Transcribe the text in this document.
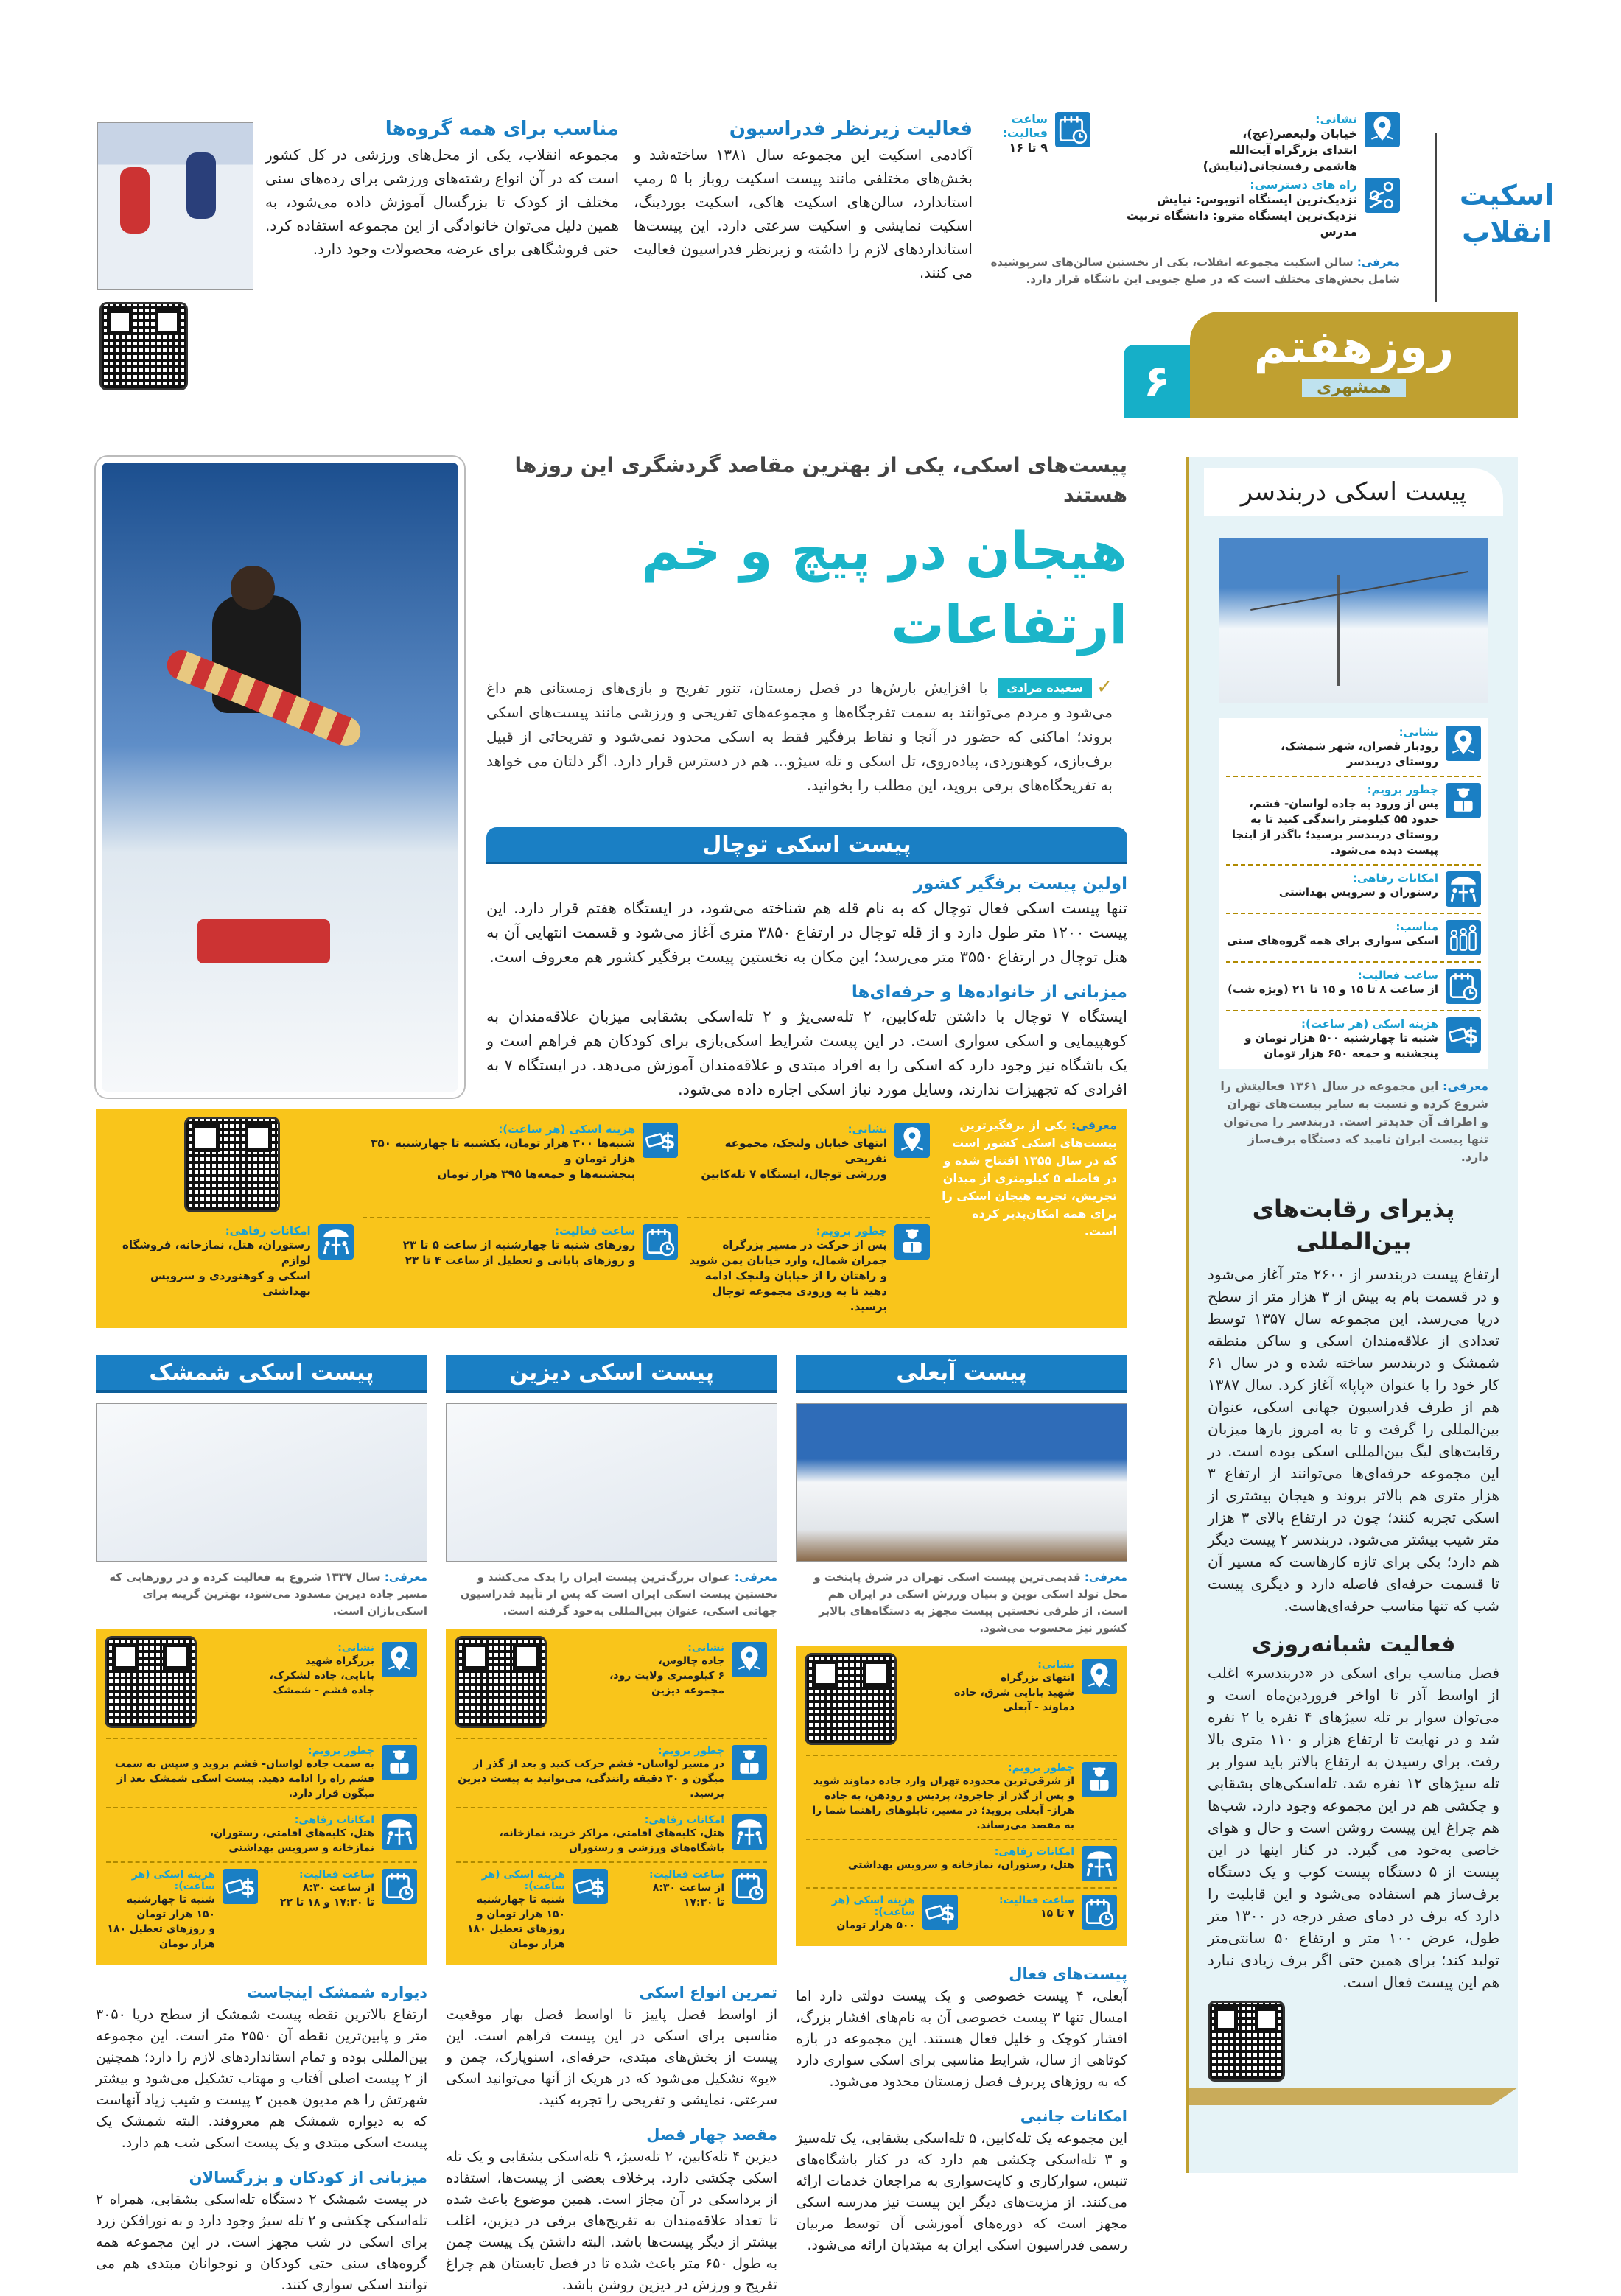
اسکیت انقلاب
نشانی:
خیابان ولیعصر(عج)،
ابتدای بزرگراه آیت‌الله
هاشمی رفسنجانی(نیایش)
راه های دسترسی:
نزدیک‌ترین ایستگاه اتوبوس: نیایش
نزدیک‌ترین ایستگاه مترو: دانشگاه تربیت مدرس
ساعت فعالیت:
۹ تا ۱۶
معرفی: سالن اسکیت مجموعه انقلاب، یکی از نخستین سالن‌های سرپوشیده شامل بخش‌های مختلف است که در ضلع جنوبی این باشگاه قرار دارد.
فعالیت زیرنظر فدراسیون
آکادمی اسکیت این مجموعه سال ۱۳۸۱ ساخته‌شد و بخش‌های مختلفی مانند پیست اسکیت روباز با ۵ رمپ استاندارد، سالن‌های اسکیت هاکی، اسکیت بوردینگ، اسکیت نمایشی و اسکیت سرعتی دارد. این پیست‌ها استانداردهای لازم را داشته و زیرنظر فدراسیون فعالیت می کنند.
مناسب برای همه گروه‌ها
مجموعه انقلاب، یکی از محل‌های ورزشی در کل کشور است که در آن انواع رشته‌های ورزشی برای رده‌های سنی مختلف از کودک تا بزرگسال آموزش داده می‌شود، به همین دلیل می‌توان خانوادگی از این مجموعه استفاده کرد. حتی فروشگاهی برای عرضه محصولات وجود دارد.
۶
روزهفتم
همشهری
پیست‌های اسکی، یکی از بهترین مقاصد گردشگری این روزها هستند
هیجان در پیچ و خم ارتفاعات
✓
سعیده مرادی
با افزایش بارش‌ها در فصل زمستان، تنور تفریح و بازی‌های زمستانی هم داغ می‌شود و مردم می‌توانند به سمت تفرجگاه‌ها و مجموعه‌های تفریحی و ورزشی مانند پیست‌های اسکی بروند؛ اماکنی که حضور در آنجا و نقاط برفگیر فقط به اسکی محدود نمی‌شود و تفریحاتی از قبیل برف‌بازی، کوهنوردی، پیاده‌روی، تل اسکی و تله سیژو... هم در دسترس قرار دارد. اگر دلتان می خواهد به تفریحگاه‌های برفی بروید، این مطلب را بخوانید.
پیست اسکی توچال
اولین پیست برفگیر کشور
تنها پیست اسکی فعال توچال که به نام قله هم شناخته می‌شود، در ایستگاه هفتم قرار دارد. این پیست ۱۲۰۰ متر طول دارد و از قله توچال در ارتفاع ۳۸۵۰ متری آغاز می‌شود و قسمت انتهایی آن به هتل توچال در ارتفاع ۳۵۵۰ متر می‌رسد؛ این مکان به نخستین پیست برفگیر کشور هم معروف است.
میزبانی از خانواده‌ها و حرفه‌ای‌ها
ایستگاه ۷ توچال با داشتن تله‌کابین، ۲ تله‌سی‌یژ و ۲ تله‌اسکی بشقابی میزبان علاقه‌مندان به کوهپیمایی و اسکی سواری است. در این پیست شرایط اسکی‌بازی برای کودکان هم فراهم است و یک باشگاه نیز وجود دارد که اسکی را به افراد مبتدی و علاقه‌مندان آموزش می‌دهد. در ایستگاه ۷ به افرادی که تجهیزات ندارند، وسایل مورد نیاز اسکی اجاره داده می‌شود.
معرفی: یکی از برفگیرترین پیست‌های اسکی کشور است که در سال ۱۳۵۵ افتتاح شده و در فاصله ۵ کیلومتری از میدان تجریش، تجربه هیجان اسکی را برای همه امکان‌پذیر کرده است.
نشانی:
انتهای خیابان ولنجک، مجموعه تفریحی
ورزشی توچال، ایستگاه ۷ تله‌کابین
$
هزینه اسکی (هر ساعت):
شنبه‌ها ۳۰۰ هزار تومان، یکشنبه تا چهارشنبه ۳۵۰ هزار تومان و
پنجشنبه‌ها و جمعه‌ها ۳۹۵ هزار تومان
چطور برویم:
پس از حرکت در مسیر بزرگراه چمران شمال، وارد خیابان یمن شوید و راهتان را از خیابان ولنجک ادامه دهید تا به ورودی مجموعه توچال برسید.
ساعت فعالیت:
روزهای شنبه تا چهارشنبه از ساعت ۵ تا ۲۳
و روزهای پایانی و تعطیل از ساعت ۴ تا ۲۳
امکانات رفاهی:
رستوران، هتل، نمازخانه، فروشگاه لوازم
اسکی و کوهنوردی و سرویس بهداشتی
پیست آبعلی
معرفی: قدیمی‌ترین پیست اسکی تهران در شرق پایتخت و محل تولد اسکی نوین و بنیان ورزش اسکی در ایران هم است. از طرفی نخستین پیست مجهز به دستگاه‌های بالابر کشور نیز محسوب می‌شود.
نشانی:
انتهای بزرگراه
شهید بابایی شرق، جاده
دماوند - آبعلی
چطور برویم:
از شرقی‌ترین محدوده تهران وارد جاده دماوند شوید و پس از گذر از جاجرود، پردیس و رودهن، به جاده هراز- آبعلی بروید؛ در مسیر، تابلوهای راهنما شما را به مقصد می‌رساند.
امکانات رفاهی:
هتل، رستوران، نمازخانه و سرویس بهداشتی
ساعت فعالیت:
۷ تا ۱۵
$
هزینه اسکی (هر ساعت):
۵۰۰ هزار تومان
پیست‌های فعال
آبعلی، ۴ پیست خصوصی و یک پیست دولتی دارد اما امسال تنها ۳ پیست خصوصی آن به نام‌های افشار بزرگ، افشار کوچک و خلیل فعال هستند. این مجموعه در بازه کوتاهی از سال، شرایط مناسبی برای اسکی سواری دارد که به روزهای پربرف فصل زمستان محدود می‌شود.
امکانات جانبی
این مجموعه یک تله‌کابین، ۵ تله‌اسکی بشقابی، یک تله‌سیژ و ۳ تله‌اسکی چکشی هم دارد که در کنار باشگاه‌های تنیس، سوارکاری و کایت‌سواری به مراجعان خدمات ارائه می‌کنند. از مزیت‌های دیگر این پیست نیز مدرسه اسکی مجهز است که دوره‌های آموزشی آن توسط مربیان رسمی فدراسیون اسکی ایران به مبتدیان ارائه می‌شود.
پیست اسکی دیزین
معرفی: عنوان بزرگ‌ترین پیست ایران را یدک می‌کشد و نخستین پیست اسکی ایران است که پس از تأیید فدراسیون جهانی اسکی، عنوان بین‌المللی به‌خود گرفته است.
نشانی:
جاده چالوس،
۶ کیلومتری ولایت رود،
مجموعه دیزین
چطور برویم:
در مسیر لواسان- فشم حرکت کنید و بعد از گذر از میگون و ۳۰ دقیقه رانندگی، می‌توانید به پیست دیزین برسید.
امکانات رفاهی:
هتل، کلبه‌های اقامتی، مراکز خرید، نمازخانه،
باشگاه‌های ورزشی و رستوران
ساعت فعالیت:
از ساعت ۸:۳۰
تا ۱۷:۳۰
$
هزینه اسکی (هر ساعت):
شنبه تا چهارشنبه ۱۵۰ هزار تومان و
روزهای تعطیل ۱۸۰ هزار تومان
تمرین انواع اسکی
از اواسط فصل پاییز تا اواسط فصل بهار موقعیت مناسبی برای اسکی در این پیست فراهم است. این پیست از بخش‌های مبتدی، حرفه‌ای، اسنوپارک، چمن و «یو» تشکیل می‌شود که در هریک از آنها می‌توانید اسکی سرعتی، نمایشی و تفریحی را تجربه کنید.
مقصد چهار فصل
دیزین ۴ تله‌کابین، ۲ تله‌سیژ، ۹ تله‌اسکی بشقابی و یک تله اسکی چکشی دارد. برخلاف بعضی از پیست‌ها، استفاده از برداسکی در آن مجاز است. همین موضوع باعث شده تا تعداد علاقه‌مندان به تفریح‌های برفی در دیزین، اغلب بیشتر از دیگر پیست‌ها باشد. البته داشتن یک پیست چمن به طول ۶۵۰ متر باعث شده تا در فصل تابستان هم چراغ تفریح و ورزش در دیزین روشن باشد.
پیست اسکی شمشک
معرفی: سال ۱۳۳۷ شروع به فعالیت کرده و در روزهایی که مسیر جاده دیزین مسدود می‌شود، بهترین گزینه برای اسکی‌بازان است.
نشانی:
بزرگراه شهید
بابایی، جاده لشکرک،
جاده فشم - شمشک
چطور برویم:
به سمت جاده لواسان- فشم بروید و سپس به سمت فشم راه را ادامه دهید. پیست اسکی شمشک بعد از میگون قرار دارد.
امکانات رفاهی:
هتل، کلبه‌های اقامتی، رستوران،
نمازخانه و سرویس بهداشتی
ساعت فعالیت:
از ساعت ۸:۳۰
تا ۱۷:۳۰ و ۱۸ تا ۲۲
$
هزینه اسکی (هر ساعت):
شنبه تا چهارشنبه ۱۵۰ هزار تومان
و روزهای تعطیل ۱۸۰ هزار تومان
دیواره شمشک اینجاست
ارتفاع بالاترین نقطه پیست شمشک از سطح دریا ۳۰۵۰ متر و پایین‌ترین نقطه آن ۲۵۵۰ متر است. این مجموعه بین‌المللی بوده و تمام استانداردهای لازم را دارد؛ همچنین از ۲ پیست اصلی آفتاب و مهتاب تشکیل می‌شود و بیشتر شهرتش را هم مدیون همین ۲ پیست و شیب زیاد آنهاست که به دیواره شمشک هم معروفند. البته شمشک یک پیست اسکی مبتدی و یک پیست اسکی شب هم دارد.
میزبانی از کودکان و بزرگسالان
در پیست شمشک ۲ دستگاه تله‌اسکی بشقابی، همراه ۲ تله‌اسکی چکشی و ۲ تله سیژ وجود دارد و به نورافکن زرد برای اسکی در شب مجهز است. در این مجموعه همه گروه‌های سنی حتی کودکان و نوجوانان مبتدی هم می توانند اسکی سواری کنند.
پیست اسکی دربندسر
نشانی:
رودبار قصران، شهر شمشک،
روستای دربندسر
چطور برویم:
پس از ورود به جاده لواسان- فشم، حدود ۵۵ کیلومتر رانندگی کنید تا به روستای دربندسر برسید؛ باگذر از اینجا پیست دیده می‌شود.
امکانات رفاهی:
رستوران و سرویس بهداشتی
مناسب:
اسکی سواری برای همه گروه‌های سنی
ساعت فعالیت:
از ساعت ۸ تا ۱۵ و ۱۵ تا ۲۱ (ویژه شب)
$
هزینه اسکی (هر ساعت):
شنبه تا چهارشنبه ۵۰۰ هزار تومان و
پنجشنبه و جمعه ۶۵۰ هزار تومان
معرفی: این مجموعه در سال ۱۳۶۱ فعالیتش را شروع کرده و نسبت به سایر پیست‌های تهران و اطراف آن جدیدتر است. دربندسر را می‌توان تنها پیست ایران نامید که دستگاه برف‌ساز دارد.
پذیرای رقابت‌های بین‌المللی
ارتفاع پیست دربندسر از ۲۶۰۰ متر آغاز می‌شود و در قسمت بام به بیش از ۳ هزار متر از سطح دریا می‌رسد. این مجموعه سال ۱۳۵۷ توسط تعدادی از علاقه‌مندان اسکی و ساکن منطقه شمشک و دربندسر ساخته شده و در سال ۶۱ کار خود را با عنوان «پاپا» آغاز کرد. سال ۱۳۸۷ هم از طرف فدراسیون جهانی اسکی، عنوان بین‌المللی را گرفت و تا به امروز بارها میزبان رقابت‌های لیگ بین‌المللی اسکی بوده است. در این مجموعه حرفه‌ای‌ها می‌توانند از ارتفاع ۳ هزار متری هم بالاتر بروند و هیجان بیشتری از اسکی تجربه کنند؛ چون در ارتفاع بالای ۳ هزار متر شیب بیشتر می‌شود. دربندسر ۲ پیست دیگر هم دارد؛ یکی برای تازه کارهاست که مسیر آن تا قسمت حرفه‌ای فاصله دارد و دیگری پیست شب که تنها مناسب حرفه‌ای‌هاست.
فعالیت شبانه‌روزی
فصل مناسب برای اسکی در «دربندسر» اغلب از اواسط آذر تا اواخر فروردین‌ماه است و می‌توان سوار بر تله سیژهای ۴ نفره یا ۲ نفره شد و در نهایت تا ارتفاع هزار و ۱۱۰ متری بالا رفت. برای رسیدن به ارتفاع بالاتر باید سوار بر تله سیژهای ۱۲ نفره شد. تله‌اسکی‌های بشقابی و چکشی هم در این مجموعه وجود دارد. شب‌ها هم چراغ این پیست روشن است و حال و هوای خاصی به‌خود می گیرد. در کنار اینها در این پیست از ۵ دستگاه پیست کوب و یک دستگاه برف‌ساز هم استفاده می‌شود و این قابلیت را دارد که برف در دمای صفر درجه در ۱۳۰۰ متر طول، عرض ۱۰۰ متر و ارتفاع ۵۰ سانتی‌متر تولید کند؛ برای همین حتی اگر برف زیادی نبارد هم این پیست فعال است.
